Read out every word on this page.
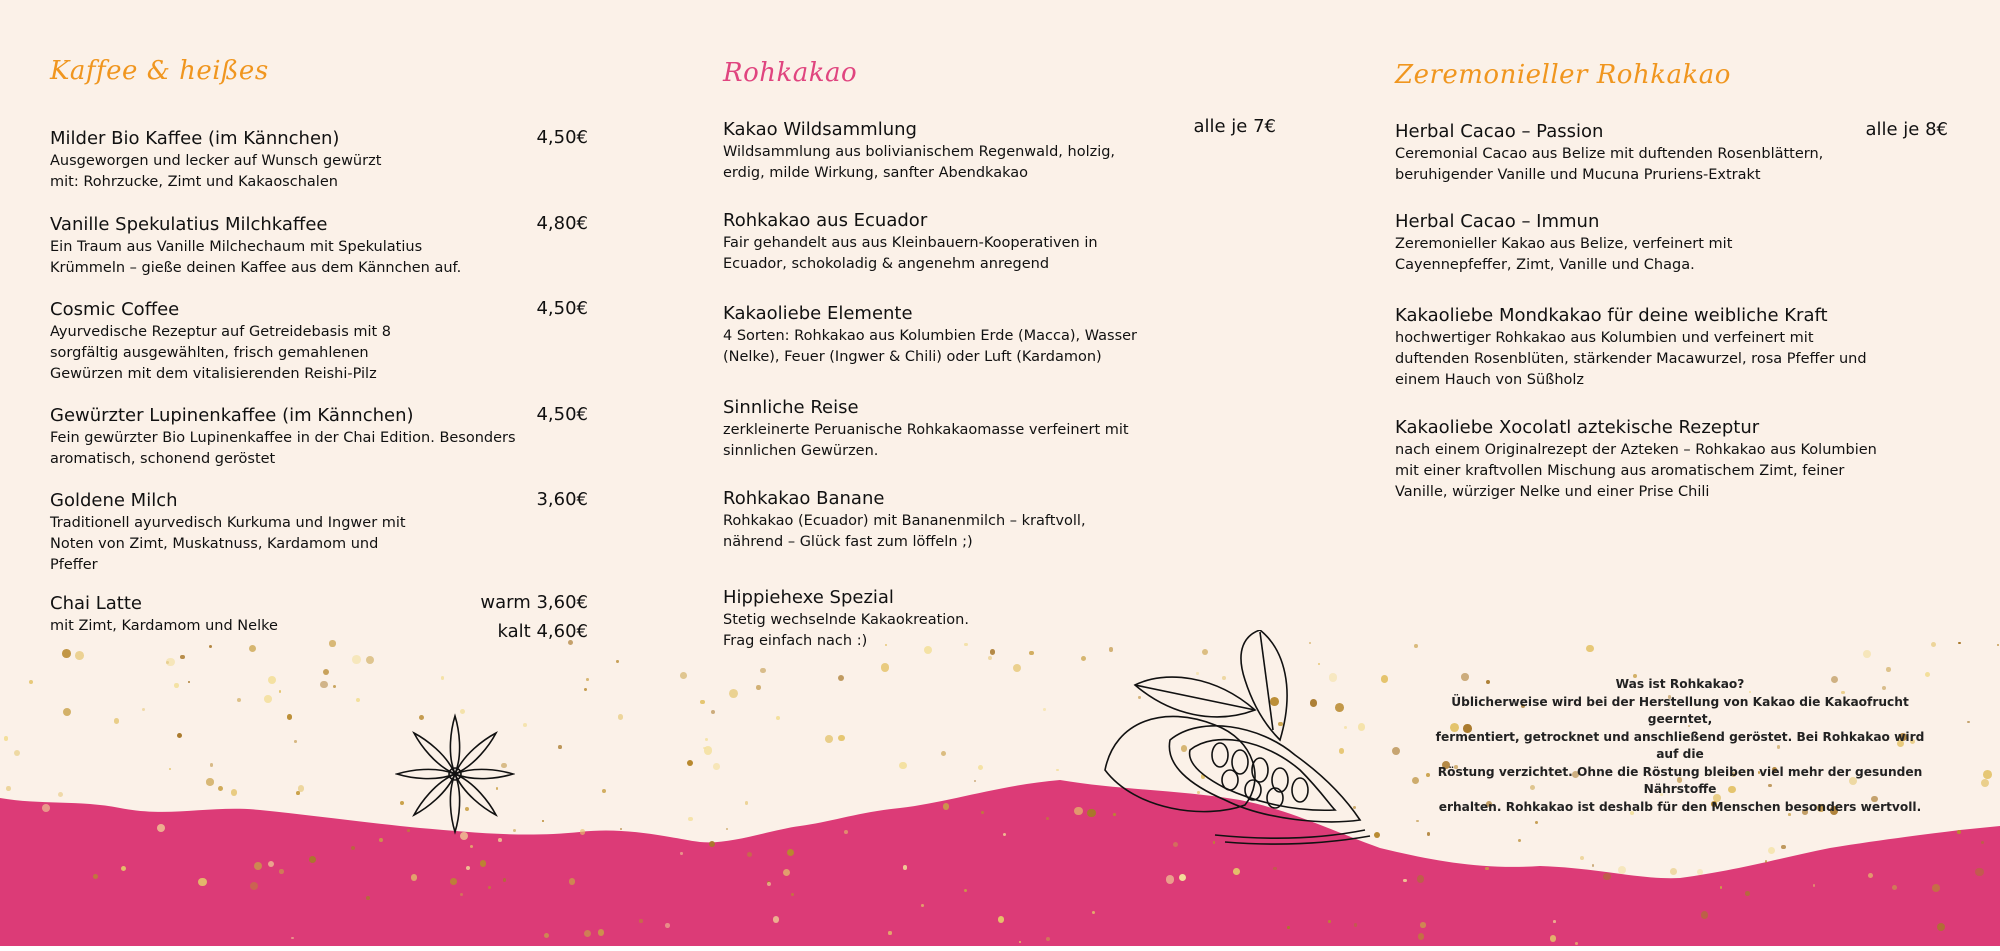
Kaffee & heißes

Milder Bio Kaffee (im Kännchen)

Ausgeworgen und lecker auf Wunsch gewürzt
mit: Rohrzucke, Zimt und Kakaoschalen

4,50€

Vanille Spekulatius Milchkaffee

Ein Traum aus Vanille Milchechaum mit Spekulatius
Krümmeln – gieße deinen Kaffee aus dem Kännchen auf.

4,80€

Cosmic Coffee

Ayurvedische Rezeptur auf Getreidebasis mit 8
sorgfältig ausgewählten, frisch gemahlenen
Gewürzen mit dem vitalisierenden Reishi-Pilz

4,50€

Gewürzter Lupinenkaffee (im Kännchen)

Fein gewürzter Bio Lupinenkaffee in der Chai Edition. Besonders
aromatisch, schonend geröstet

4,50€

Goldene Milch

Traditionell ayurvedisch Kurkuma und Ingwer mit
Noten von Zimt, Muskatnuss, Kardamom und
Pfeffer

3,60€

Chai Latte

mit Zimt, Kardamom und Nelke

warm 3,60€
kalt 4,60€
Rohkakao
alle je 7€

Kakao Wildsammlung

Wildsammlung aus bolivianischem Regenwald, holzig,
erdig, milde Wirkung, sanfter Abendkakao

Rohkakao aus Ecuador

Fair gehandelt aus aus Kleinbauern-Kooperativen in
Ecuador, schokoladig & angenehm anregend

Kakaoliebe Elemente

4 Sorten: Rohkakao aus Kolumbien Erde (Macca), Wasser
(Nelke), Feuer (Ingwer & Chili) oder Luft (Kardamon)

Sinnliche Reise

zerkleinerte Peruanische Rohkakaomasse verfeinert mit
sinnlichen Gewürzen.

Rohkakao Banane

Rohkakao (Ecuador) mit Bananenmilch – kraftvoll,
nährend – Glück fast zum löffeln ;)

Hippiehexe Spezial

Stetig wechselnde Kakaokreation.
Frag einfach nach :)

Zeremonieller Rohkakao
alle je 8€

Herbal Cacao – Passion

Ceremonial Cacao aus Belize mit duftenden Rosenblättern,
beruhigender Vanille und Mucuna Pruriens-Extrakt

Herbal Cacao – Immun

Zeremonieller Kakao aus Belize, verfeinert mit
Cayennepfeffer, Zimt, Vanille und Chaga.

Kakaoliebe Mondkakao für deine weibliche Kraft

hochwertiger Rohkakao aus Kolumbien und verfeinert mit
duftenden Rosenblüten, stärkender Macawurzel, rosa Pfeffer und
einem Hauch von Süßholz

Kakaoliebe Xocolatl aztekische Rezeptur

nach einem Originalrezept der Azteken – Rohkakao aus Kolumbien
mit einer kraftvollen Mischung aus aromatischem Zimt, feiner
Vanille, würziger Nelke und einer Prise Chili

Was ist Rohkakao?
Üblicherweise wird bei der Herstellung von Kakao die Kakaofrucht geerntet,
fermentiert, getrocknet und anschließend geröstet. Bei Rohkakao wird auf die
Röstung verzichtet. Ohne die Röstung bleiben viel mehr der gesunden Nährstoffe
erhalten. Rohkakao ist deshalb für den Menschen besonders wertvoll.
